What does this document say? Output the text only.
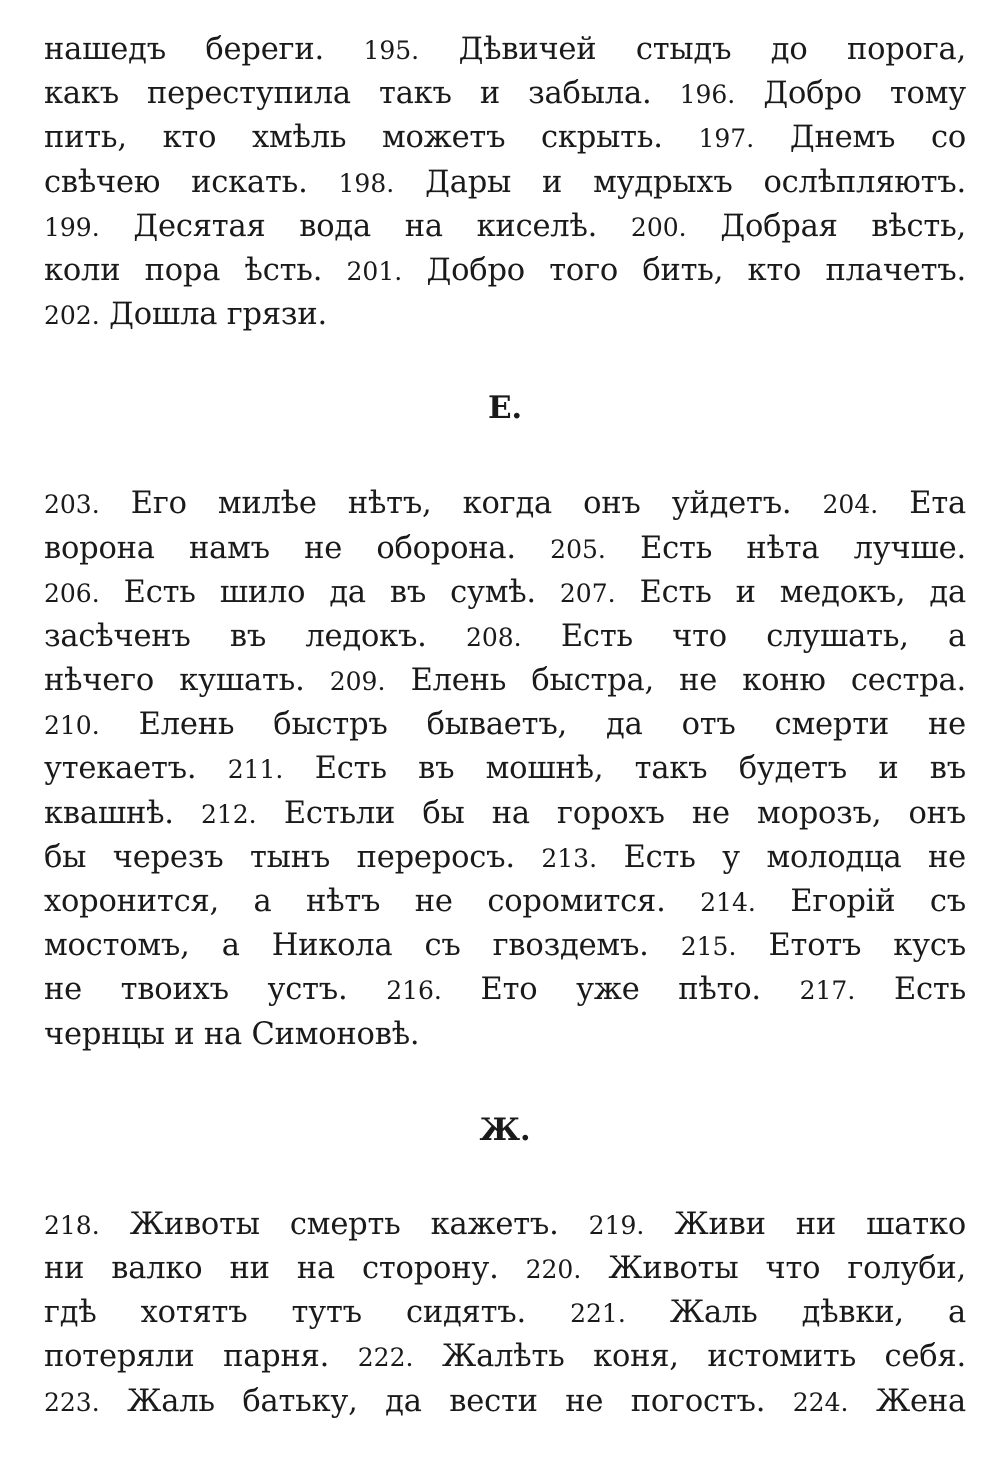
нашедъ береги. 195. Дѣвичей стыдъ до порога,
какъ переступила такъ и забыла. 196. Добро тому
пить, кто хмѣль можетъ скрыть. 197. Днемъ со
свѣчею искать. 198. Дары и мудрыхъ ослѣпляютъ.
199. Десятая вода на киселѣ. 200. Добрая вѣсть,
коли пора ѣсть. 201. Добро того бить, кто плачетъ.
202. Дошла грязи.
Е.
203. Его милѣе нѣтъ, когда онъ уйдетъ. 204. Ета
ворона намъ не оборона. 205. Есть нѣта лучше.
206. Есть шило да въ сумѣ. 207. Есть и медокъ, да
засѣченъ въ ледокъ. 208. Есть что слушать, а
нѣчего кушать. 209. Елень быстра, не коню сестра.
210. Елень быстръ бываетъ, да отъ смерти не
утекаетъ. 211. Есть въ мошнѣ, такъ будетъ и въ
квашнѣ. 212. Естьли бы на горохъ не морозъ, онъ
бы черезъ тынъ переросъ. 213. Есть у молодца не
хоронится, а нѣтъ не соромится. 214. Егорій съ
мостомъ, а Никола съ гвоздемъ. 215. Етотъ кусъ
не твоихъ устъ. 216. Ето уже пѣто. 217. Есть
чернцы и на Симоновѣ.
Ж.
218. Животы смерть кажетъ. 219. Живи ни шатко
ни валко ни на сторону. 220. Животы что голуби,
гдѣ хотятъ тутъ сидятъ. 221. Жаль дѣвки, а
потеряли парня. 222. Жалѣть коня, истомить себя.
223. Жаль батьку, да вести не погостъ. 224. Жена
